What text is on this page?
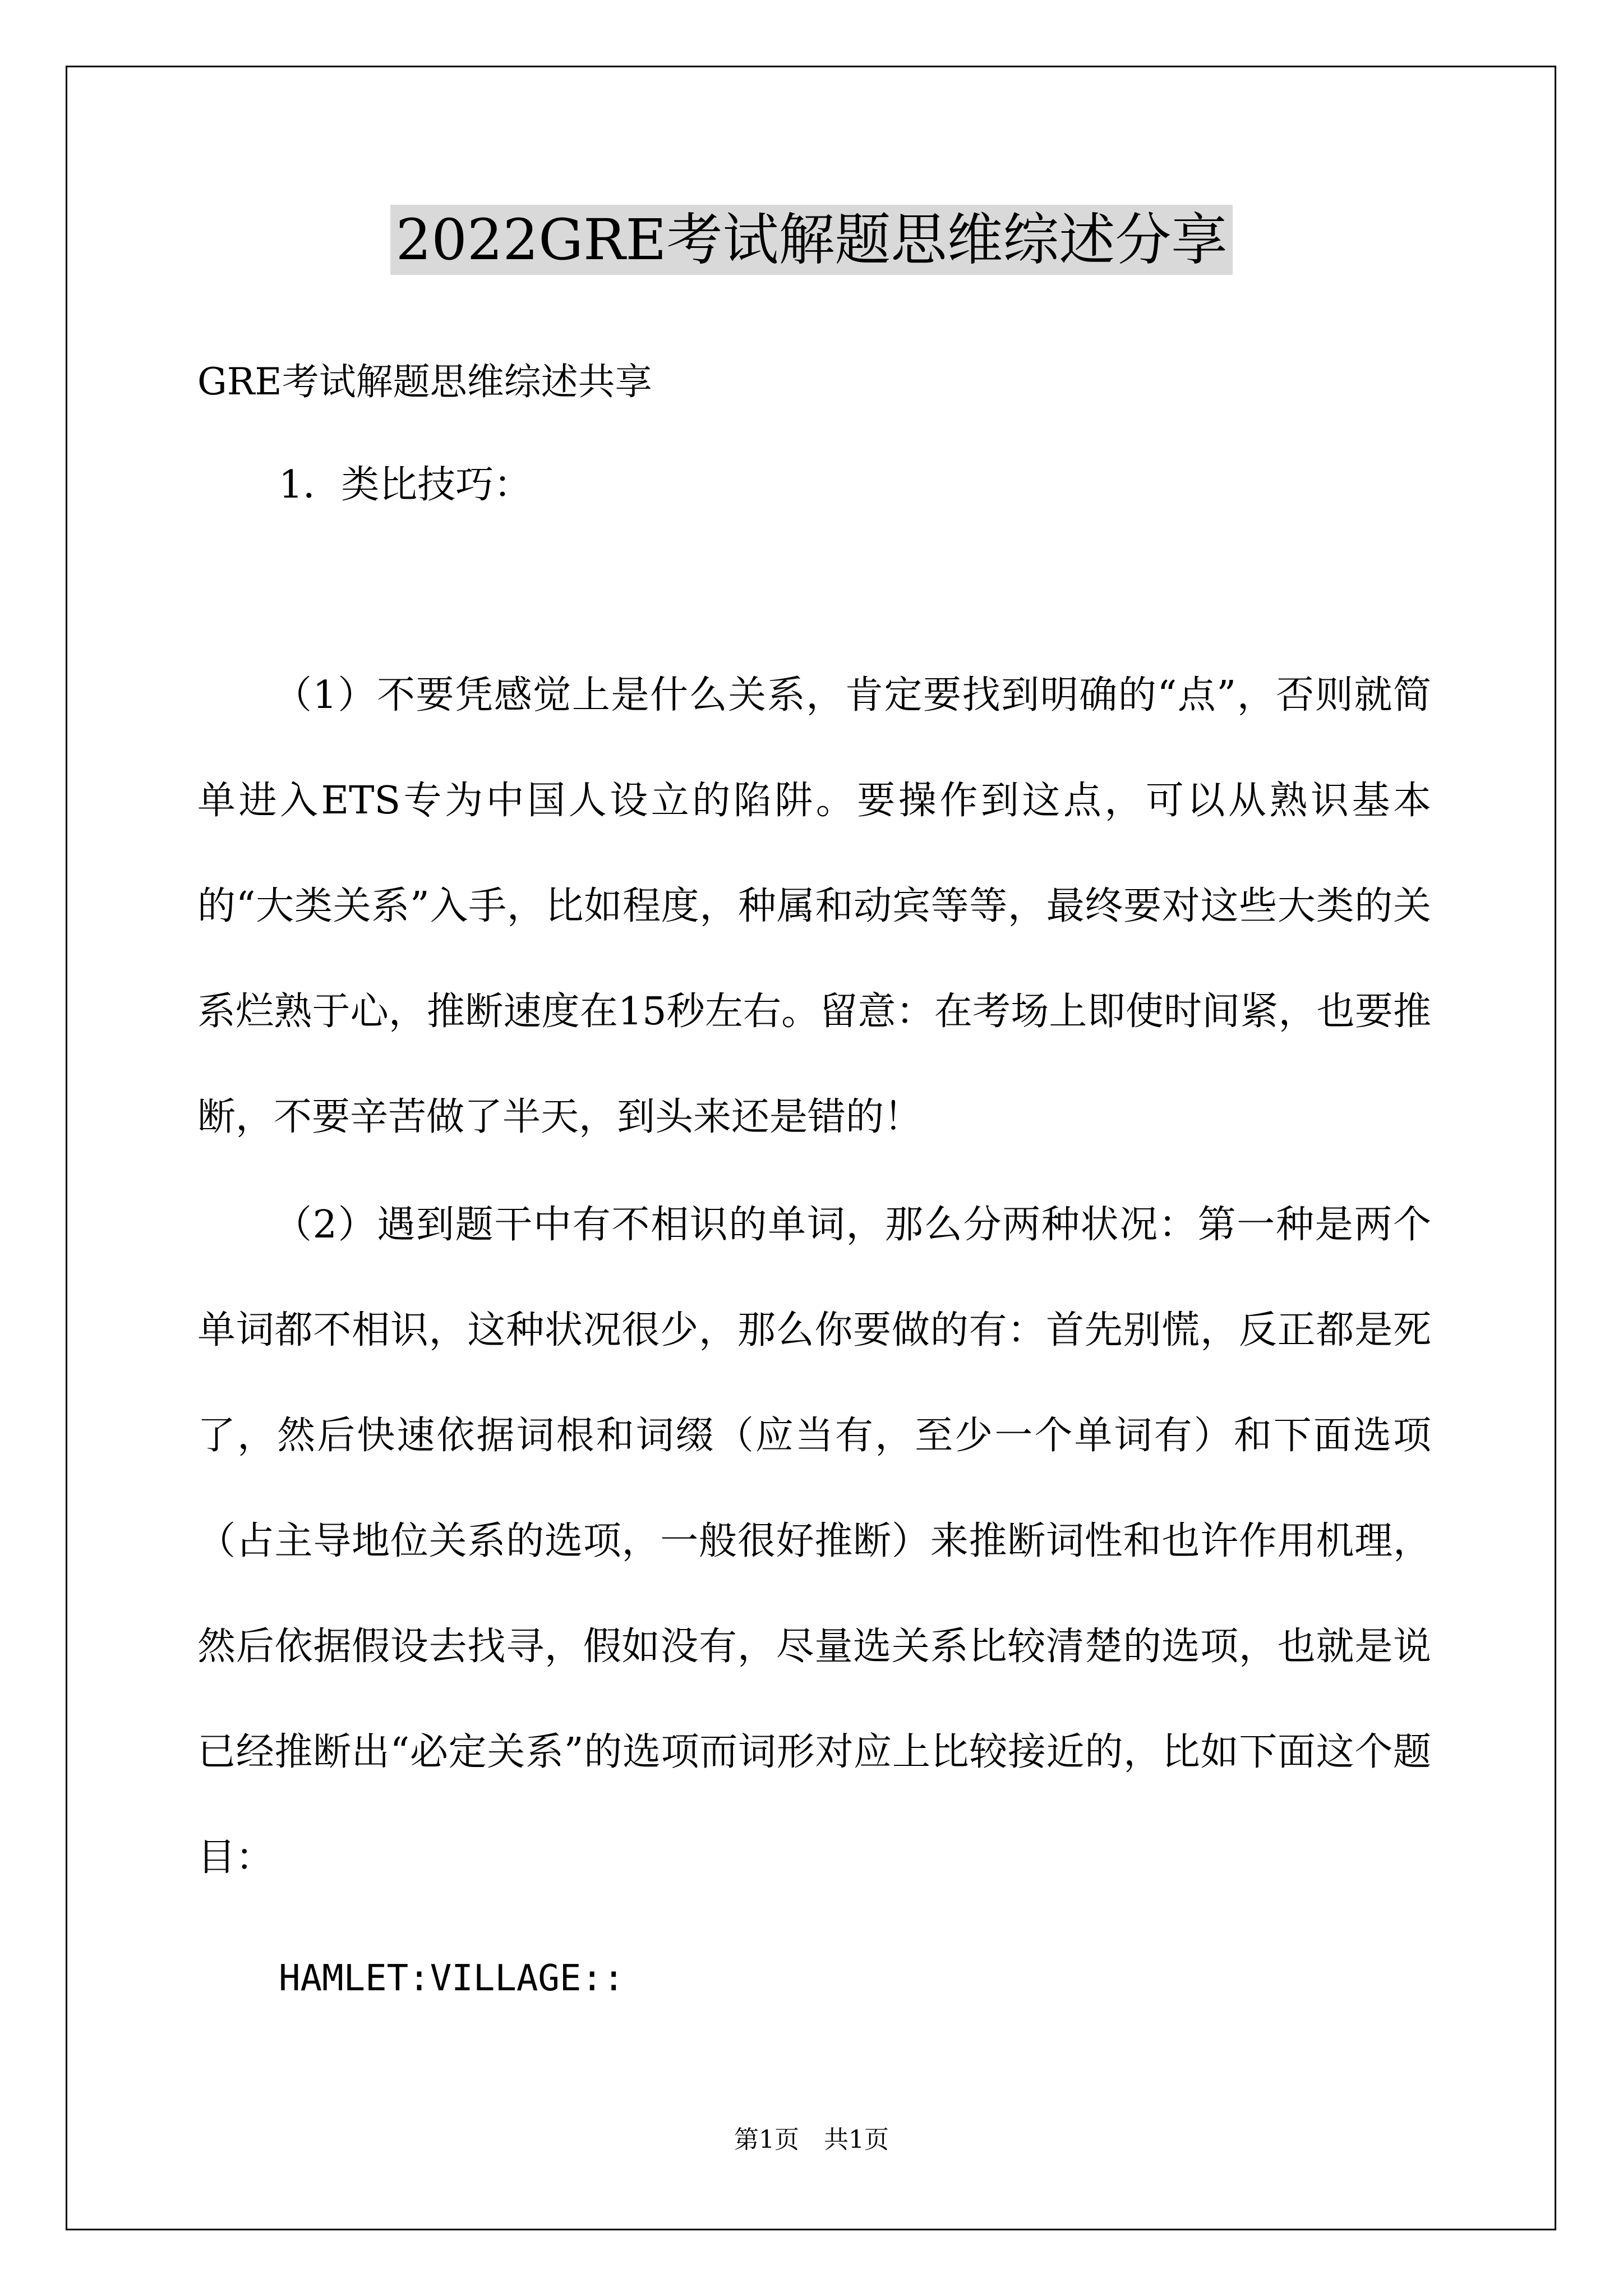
2022GRE考试解题思维综述分享
GRE考试解题思维综述共享
1．类比技巧：

（1）不要凭感觉上是什么关系，肯定要找到明确的“点”，否则就简单进入ETS专为中国人设立的陷阱。要操作到这点，可以从熟识基本的“大类关系”入手，比如程度，种属和动宾等等，最终要对这些大类的关系烂熟于心，推断速度在15秒左右。留意：在考场上即使时间紧，也要推断，不要辛苦做了半天，到头来还是错的！

（2）遇到题干中有不相识的单词，那么分两种状况：第一种是两个单词都不相识，这种状况很少，那么你要做的有：首先别慌，反正都是死了，然后快速依据词根和词缀（应当有，至少一个单词有）和下面选项（占主导地位关系的选项，一般很好推断）来推断词性和也许作用机理，然后依据假设去找寻，假如没有，尽量选关系比较清楚的选项，也就是说已经推断出“必定关系”的选项而词形对应上比较接近的，比如下面这个题目：

HAMLET:VILLAGE::
第1页　共1页
